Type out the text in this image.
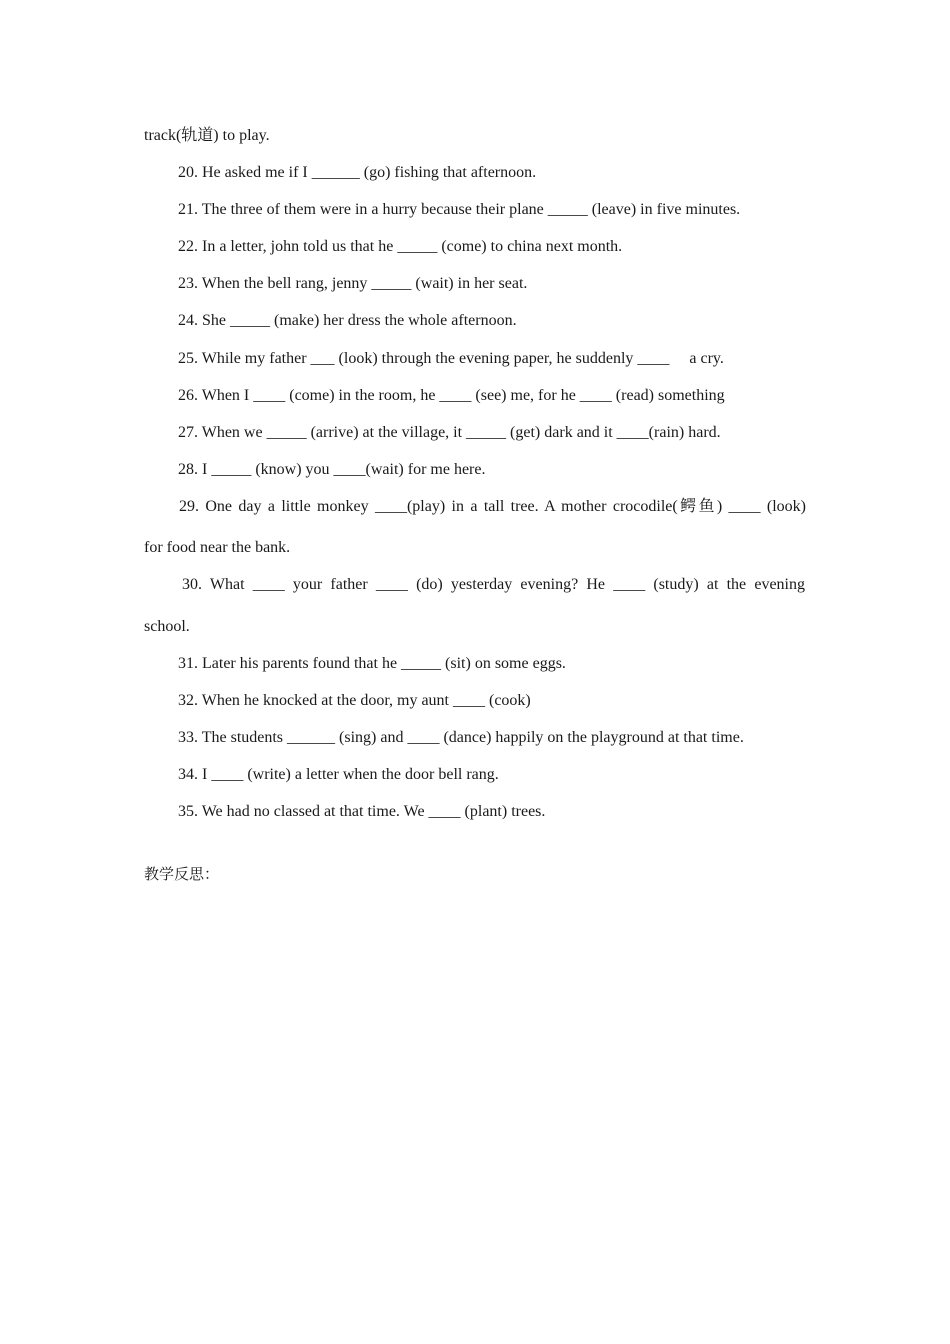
track(轨道) to play.
20. He asked me if I ______ (go) fishing that afternoon.
21. The three of them were in a hurry because their plane _____ (leave) in five minutes.
22. In a letter, john told us that he _____ (come) to china next month.
23. When the bell rang, jenny _____ (wait) in her seat.
24. She _____ (make) her dress the whole afternoon.
25. While my father ___ (look) through the evening paper, he suddenly ____     a cry.
26. When I ____ (come) in the room, he ____ (see) me, for he ____ (read) something
27. When we _____ (arrive) at the village, it _____ (get) dark and it ____(rain) hard.
28. I _____ (know) you ____(wait) for me here.
29. One day a little monkey ____(play) in a tall tree. A mother crocodile(鳄鱼) ____ (look)
for food near the bank.
30. What ____ your father ____ (do) yesterday evening? He ____ (study) at the evening
school.
31. Later his parents found that he _____ (sit) on some eggs.
32. When he knocked at the door, my aunt ____ (cook)
33. The students ______ (sing) and ____ (dance) happily on the playground at that time.
34. I ____ (write) a letter when the door bell rang.
35. We had no classed at that time. We ____ (plant) trees.
教学反思：
